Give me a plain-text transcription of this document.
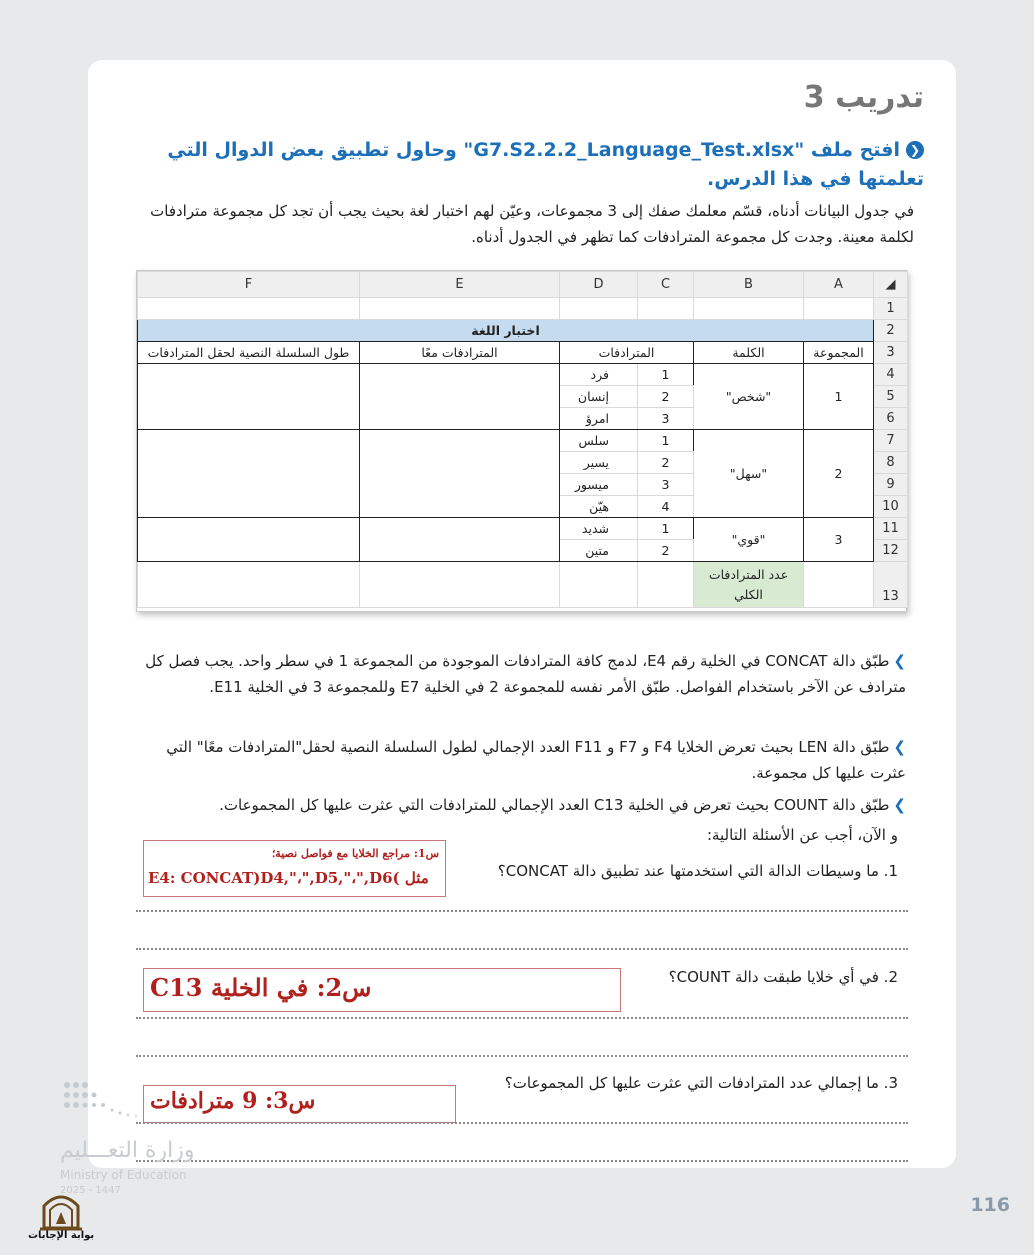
تدريب 3
❮افتح ملف "G7.S2.2.2_Language_Test.xlsx" وحاول تطبيق بعض الدوال التي تعلمتها في هذا الدرس.
في جدول البيانات أدناه، قسّم معلمك صفك إلى 3 مجموعات، وعيّن لهم اختبار لغة بحيث يجب أن تجد كل مجموعة مترادفات لكلمة معينة. وجدت كل مجموعة المترادفات كما تظهر في الجدول أدناه.
F	E	D	C	B	A	◢
						1
اختبار اللغة						2
طول السلسلة النصية لحقل المترادفات	المترادفات معًا	المترادفات		الكلمة	المجموعة	3
		فرد	1	"شخص"	1	4
		إنسان	2			5
		امرؤ	3			6
		سلس	1	"سهل"	2	7
		يسير	2			8
		ميسور	3			9
		هيّن	4			10
		شديد	1	"قوي"	3	11
		متين	2			12
				عدد المترادفات الكلي		13
❯طبّق دالة CONCAT في الخلية رقم E4، لدمج كافة المترادفات الموجودة من المجموعة 1 في سطر واحد. يجب فصل كل مترادف عن الآخر باستخدام الفواصل. طبّق الأمر نفسه للمجموعة 2 في الخلية E7 وللمجموعة 3 في الخلية E11.
❯طبّق دالة LEN بحيث تعرض الخلايا F4 و F7 و F11 العدد الإجمالي لطول السلسلة النصية لحقل"المترادفات معًا" التي عثرت عليها كل مجموعة.
❯طبّق دالة COUNT بحيث تعرض في الخلية C13 العدد الإجمالي للمترادفات التي عثرت عليها كل المجموعات.
و الآن، أجب عن الأسئلة التالية:
1. ما وسيطات الدالة التي استخدمتها عند تطبيق دالة CONCAT؟
س1: مراجع الخلايا مع فواصل نصية؛
E4: CONCAT)D4,"،",D5,"،",D6( مثل
2. في أي خلايا طبقت دالة COUNT؟
س2: في الخلية C13
3. ما إجمالي عدد المترادفات التي عثرت عليها كل المجموعات؟
س3: 9 مترادفات
وزارة التعـــليم
Ministry of Education
2025 - 1447
116
بوابة الإجابات
